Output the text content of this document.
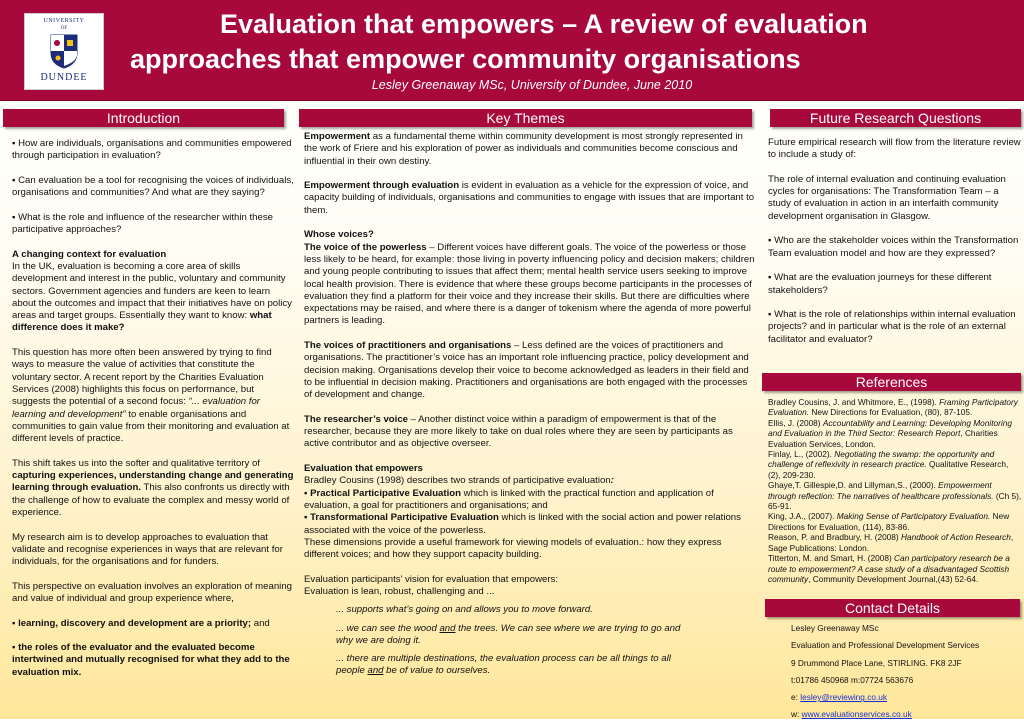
UNIVERSITY
OF
DUNDEE
Evaluation that empowers – A review of evaluation
approaches that empower community organisations
Lesley Greenaway MSc, University of Dundee, June 2010
Introduction

▪ How are individuals, organisations and communities empowered through participation in evaluation?

▪ Can evaluation be a tool for recognising the voices of individuals, organisations and communities? And what are they saying?

▪ What is the role and influence of the researcher within these participative approaches?

A changing context for evaluation
In the UK, evaluation is becoming a core area of skills development and interest in the public, voluntary and community sectors. Government agencies and funders are keen to learn about the outcomes and impact that their initiatives have on policy areas and target groups. Essentially they want to know: what difference does it make?

This question has more often been answered by trying to find ways to measure the value of activities that constitute the voluntary sector. A recent report by the Charities Evaluation Services (2008) highlights this focus on performance, but suggests the potential of a second focus: “... evaluation for learning and development” to enable organisations and communities to gain value from their monitoring and evaluation at different levels of practice.

This shift takes us into the softer and qualitative territory of capturing experiences, understanding change and generating learning through evaluation. This also confronts us directly with the challenge of how to evaluate the complex and messy world of experience.

My research aim is to develop approaches to evaluation that validate and recognise experiences in ways that are relevant for individuals, for the organisations and for funders.

This perspective on evaluation involves an exploration of meaning and value of individual and group experience where,

▪ learning, discovery and development are a priority; and

▪ the roles of the evaluator and the evaluated become intertwined and mutually recognised for what they add to the evaluation mix.

Key Themes

Empowerment as a fundamental theme within community development is most strongly represented in the work of Friere and his exploration of power as individuals and communities become conscious and influential in their own destiny.

Empowerment through evaluation is evident in evaluation as a vehicle for the expression of voice, and capacity building of individuals, organisations and communities to engage with issues that are important to them.

Whose voices?
The voice of the powerless – Different voices have different goals. The voice of the powerless or those less likely to be heard, for example: those living in poverty influencing policy and decision makers; children and young people contributing to issues that affect them; mental health service users seeking to improve local health provision. There is evidence that where these groups become participants in the processes of evaluation they find a platform for their voice and they increase their skills. But there are difficulties where expectations may be raised, and where there is a danger of tokenism where the agenda of more powerful partners is leading.

The voices of practitioners and organisations – Less defined are the voices of practitioners and organisations. The practitioner’s voice has an important role influencing practice, policy development and decision making. Organisations develop their voice to become acknowledged as leaders in their field and to be influential in decision making. Practitioners and organisations are both engaged with the processes of development and change.

The researcher’s voice – Another distinct voice within a paradigm of empowerment is that of the researcher, because they are more likely to take on dual roles where they are seen by participants as active contributor and as objective overseer.

Evaluation that empowers
Bradley Cousins (1998) describes two strands of participative evaluation:
▪ Practical Participative Evaluation which is linked with the practical function and application of evaluation, a goal for practitioners and organisations; and
▪ Transformational Participative Evaluation which is linked with the social action and power relations associated with the voice of the powerless.
These dimensions provide a useful framework for viewing models of evaluation.: how they express different voices; and how they support capacity building.

Evaluation participants’ vision for evaluation that empowers:
Evaluation is lean, robust, challenging and ...

... supports what’s going on and allows you to move forward.

... we can see the wood and the trees. We can see where we are trying to go and why we are doing it.

... there are multiple destinations, the evaluation process can be all things to all people and be of value to ourselves.

Future Research Questions

Future empirical research will flow from the literature review to include a study of:

The role of internal evaluation and continuing evaluation cycles for organisations: The Transformation Team – a study of evaluation in action in an interfaith community development organisation in Glasgow.

▪ Who are the stakeholder voices within the Transformation Team evaluation model and how are they expressed?

▪ What are the evaluation journeys for these different stakeholders?

▪ What is the role of relationships within internal evaluation projects? and in particular what is the role of an external facilitator and evaluator?

References

Bradley Cousins, J. and Whitmore, E., (1998). Framing Participatory Evaluation. New Directions for Evaluation, (80), 87-105.

Ellis, J. (2008) Accountability and Learning: Developing Monitoring and Evaluation in the Third Sector: Research Report, Charities Evaluation Services, London.

Finlay, L., (2002). Negotiating the swamp: the opportunity and challenge of reflexivity in research practice. Qualitative Research, (2), 209-230.

Ghaye,T. Gillespie,D. and Lillyman,S., (2000). Empowerment through reflection: The narratives of healthcare professionals. (Ch 5), 65-91.

King, J.A., (2007). Making Sense of Participatory Evaluation. New Directions for Evaluation, (114), 83-86.

Reason, P. and Bradbury, H. (2008) Handbook of Action Research, Sage Publications: London.

Titterton, M. and Smart, H. (2008) Can participatory research be a route to empowerment? A case study of a disadvantaged Scottish community, Community Development Journal,(43) 52-64.

Contact Details

Lesley Greenaway MSc

Evaluation and Professional Development Services

9 Drummond Place Lane, STIRLING. FK8 2JF

t:01786 450968 m:07724 563676

e: lesley@reviewing.co.uk

w: www.evaluationservices.co.uk
